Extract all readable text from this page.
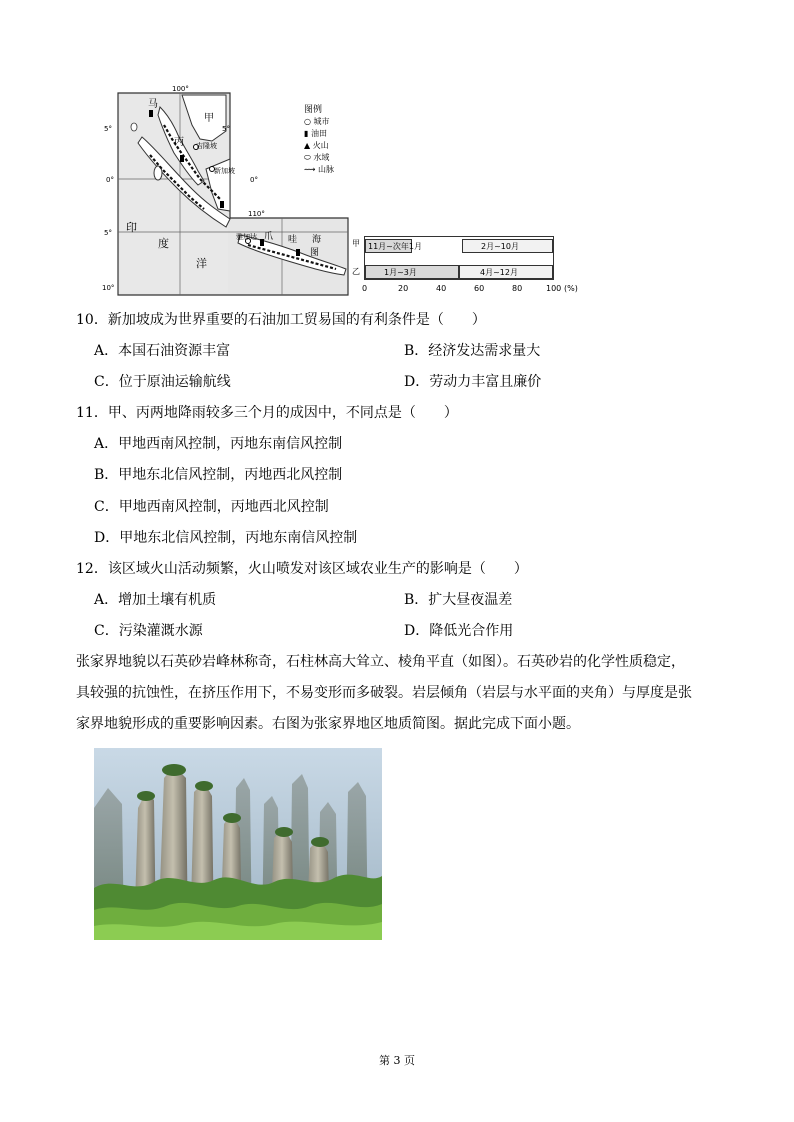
100°
110°
5°	5°
0°	0°
5°
10°
马
甲
丙 吉隆坡
新加坡
印
度
洋
雅加达 爪 哇 海
图
图例
○ 城市
▮ 油田
▲ 火山
⬭ 水域
⟿ 山脉
甲
乙
11月~次年1月	2月~10月
1月~3月	4月~12月
0	20	40	60	80	100 (%)
10．新加坡成为世界重要的石油加工贸易国的有利条件是（　　）
A．本国石油资源丰富	B．经济发达需求量大
C．位于原油运输航线	D．劳动力丰富且廉价
11．甲、丙两地降雨较多三个月的成因中，不同点是（　　）
A．甲地西南风控制，丙地东南信风控制
B．甲地东北信风控制，丙地西北风控制
C．甲地西南风控制，丙地西北风控制
D．甲地东北信风控制，丙地东南信风控制
12．该区域火山活动频繁，火山喷发对该区域农业生产的影响是（　　）
A．增加土壤有机质	B．扩大昼夜温差
C．污染灌溉水源	D．降低光合作用
张家界地貌以石英砂岩峰林称奇，石柱林高大耸立、棱角平直（如图）。石英砂岩的化学性质稳定，
具较强的抗蚀性，在挤压作用下，不易变形而多破裂。岩层倾角（岩层与水平面的夹角）与厚度是张
家界地貌形成的重要影响因素。右图为张家界地区地质简图。据此完成下面小题。
第 3 页
